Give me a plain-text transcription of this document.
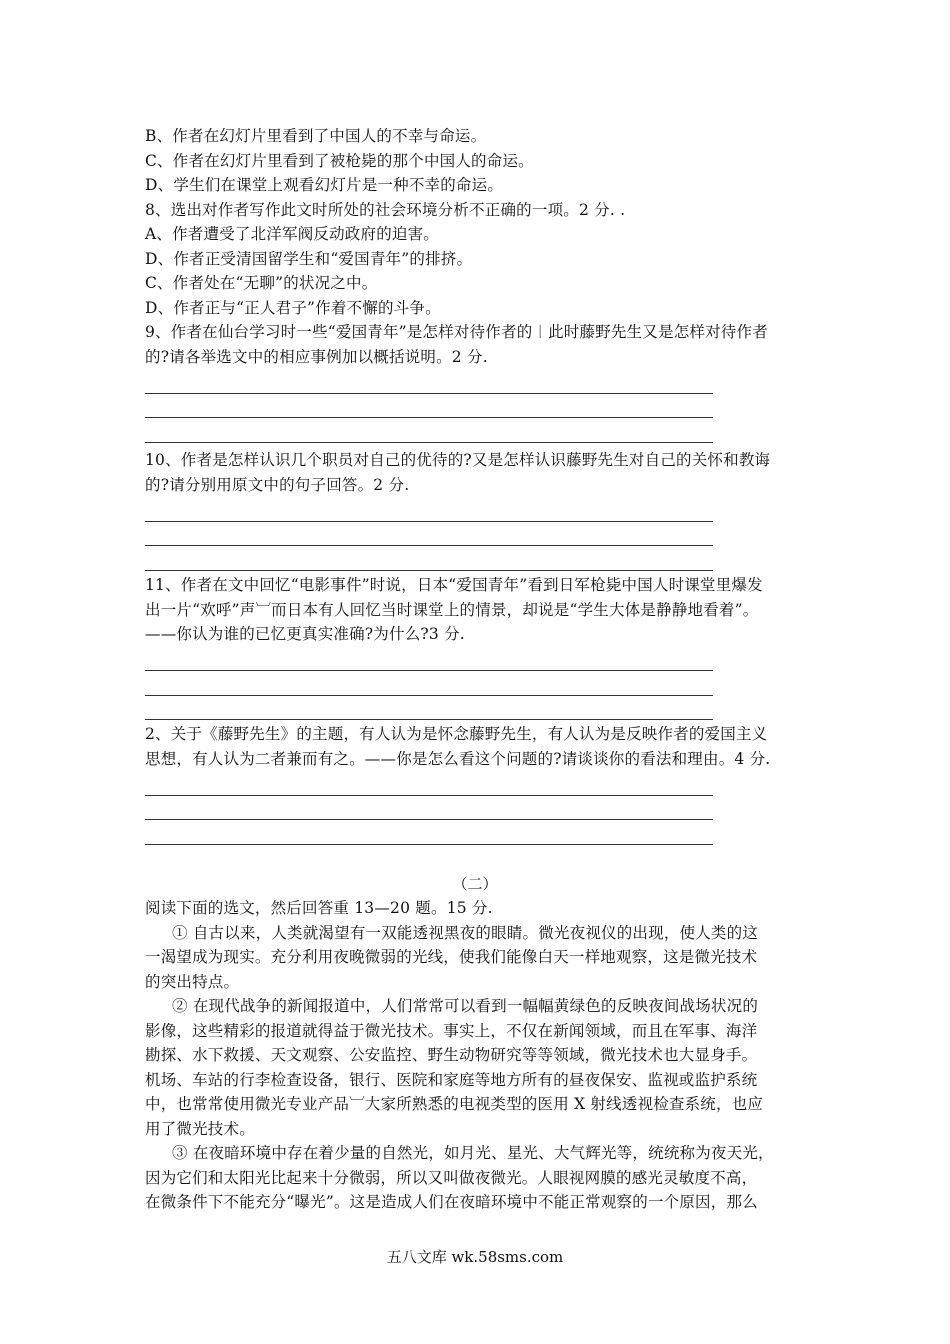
B、作者在幻灯片里看到了中国人的不幸与命运。
C、作者在幻灯片里看到了被枪毙的那个中国人的命运。
D、学生们在课堂上观看幻灯片是一种不幸的命运。
8、选出对作者写作此文时所处的社会环境分析不正确的一项。2 分. .
A、作者遭受了北洋军阀反动政府的迫害。
D、作者正受清国留学生和“爱国青年”的排挤。
C、作者处在“无聊”的状况之中。
D、作者正与“正人君子”作着不懈的斗争。
9、作者在仙台学习时一些“爱国青年”是怎样对待作者的︱此时藤野先生又是怎样对待作者
的?请各举选文中的相应事例加以概括说明。2 分.
10、作者是怎样认识几个职员对自己的优待的?又是怎样认识藤野先生对自己的关怀和教诲
的?请分别用原文中的句子回答。2 分.
11、作者在文中回忆“电影事件”时说，日本“爱国青年”看到日军枪毙中国人时课堂里爆发
出一片“欢呼”声︺而日本有人回忆当时课堂上的情景，却说是“学生大体是静静地看着”。
——你认为谁的已忆更真实准确?为什么?3 分.
2、关于《藤野先生》的主题，有人认为是怀念藤野先生，有人认为是反映作者的爱国主义
思想，有人认为二者兼而有之。——你是怎么看这个问题的?请谈谈你的看法和理由。4 分.
（二）
阅读下面的选文，然后回答重 13—20 题。15 分.
① 自古以来，人类就渴望有一双能透视黑夜的眼睛。微光夜视仪的出现，使人类的这
一渴望成为现实。充分利用夜晚微弱的光线，使我们能像白天一样地观察，这是微光技术
的突出特点。
② 在现代战争的新闻报道中，人们常常可以看到一幅幅黄绿色的反映夜间战场状况的
影像，这些精彩的报道就得益于微光技术。事实上，不仅在新闻领域，而且在军事、海洋
勘探、水下救援、天文观察、公安监控、野生动物研究等等领域，微光技术也大显身手。
机场、车站的行李检查设备，银行、医院和家庭等地方所有的昼夜保安、监视或监护系统
中，也常常使用微光专业产品︺大家所熟悉的电视类型的医用 X 射线透视检查系统，也应
用了微光技术。
③ 在夜暗环境中存在着少量的自然光，如月光、星光、大气辉光等，统统称为夜天光，
因为它们和太阳光比起来十分微弱，所以又叫做夜微光。人眼视网膜的感光灵敏度不高，
在微条件下不能充分“曝光”。这是造成人们在夜暗环境中不能正常观察的一个原因，那么
五八文库 wk.58sms.com
